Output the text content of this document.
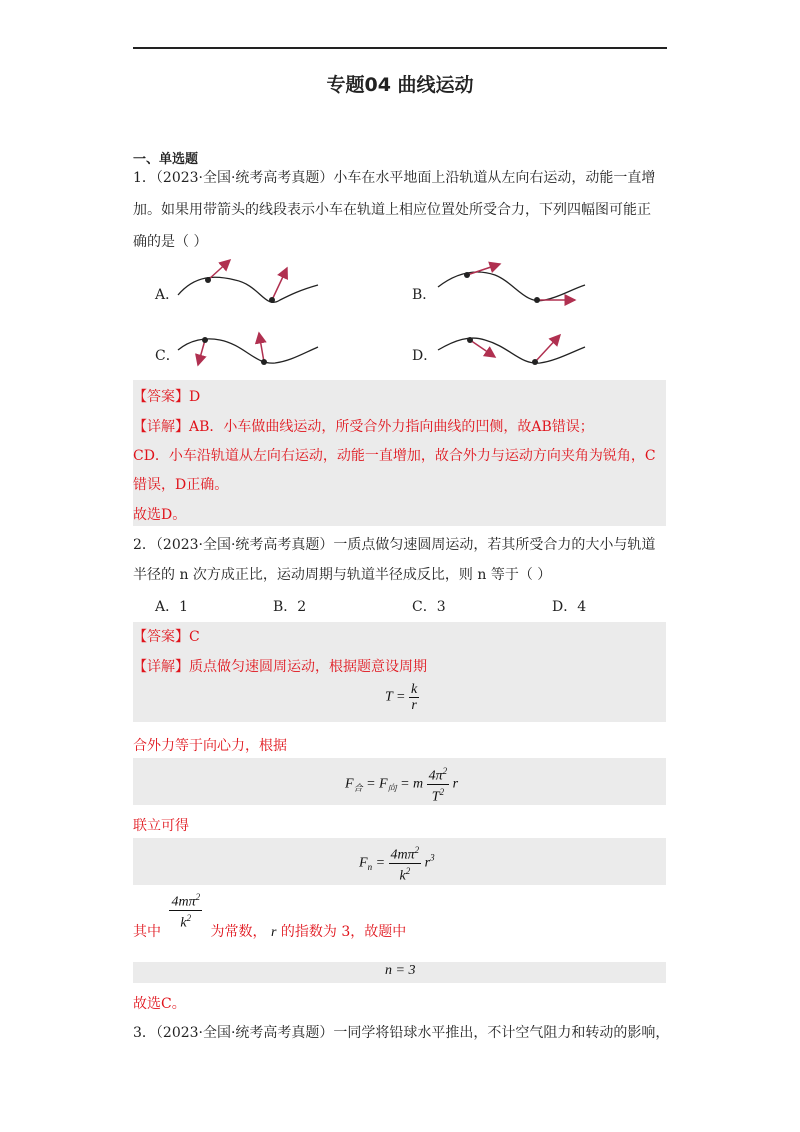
专题04 曲线运动
一、单选题
1．（2023·全国·统考高考真题）小车在水平地面上沿轨道从左向右运动，动能一直增
加。如果用带箭头的线段表示小车在轨道上相应位置处所受合力，下列四幅图可能正
确的是（ ）
A．	B．
C．	D．
【答案】D
【详解】AB．小车做曲线运动，所受合外力指向曲线的凹侧，故AB错误；
CD．小车沿轨道从左向右运动，动能一直增加，故合外力与运动方向夹角为锐角，C
错误，D正确。
故选D。
2．（2023·全国·统考高考真题）一质点做匀速圆周运动，若其所受合力的大小与轨道
半径的 n 次方成正比，运动周期与轨道半径成反比，则 n 等于（ ）
A．1	B．2	C．3	D．4
【答案】C
【详解】质点做匀速圆周运动，根据题意设周期
$T = \frac{k}{r}$
合外力等于向心力，根据
$F_合 = F_向 = m \frac{4\pi^2}{T^2}$ r
联立可得
$F_n = \frac{4m\pi^2}{k^2} r^3$
其中
$\frac{4m\pi^2}{k^2}$
为常数， r 的指数为 3，故题中
n = 3
故选C。
3．（2023·全国·统考高考真题）一同学将铅球水平推出，不计空气阻力和转动的影响，
